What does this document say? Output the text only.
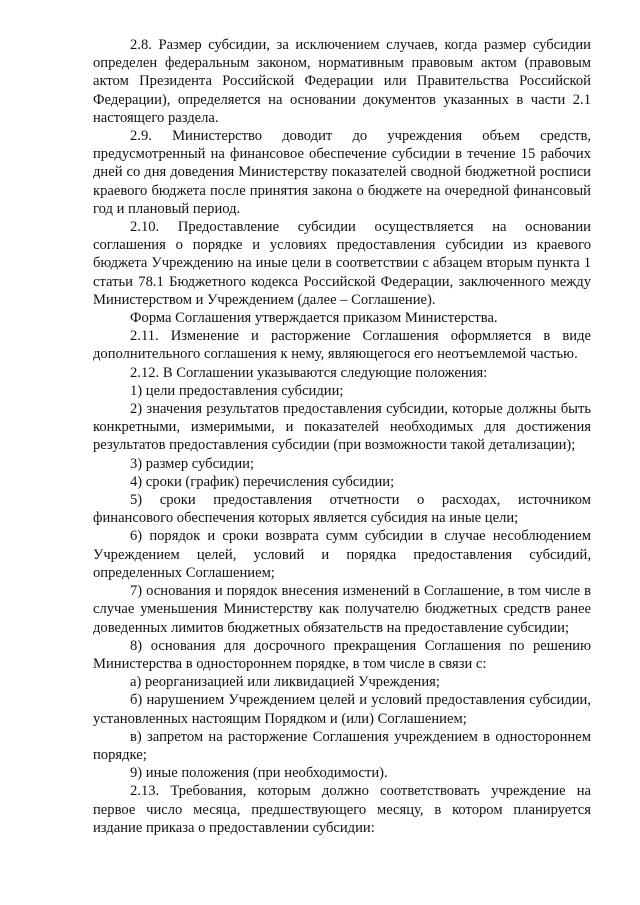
2.8. Размер субсидии, за исключением случаев, когда размер субсидии определен федеральным законом, нормативным правовым актом (правовым актом Президента Российской Федерации или Правительства Российской Федерации), определяется на основании документов указанных в части 2.1 настоящего раздела.

2.9. Министерство доводит до учреждения объем средств, предусмотренный на финансовое обеспечение субсидии в течение 15 рабочих дней со дня доведения Министерству показателей сводной бюджетной росписи краевого бюджета после принятия закона о бюджете на очередной финансовый год и плановый период.

2.10. Предоставление субсидии осуществляется на основании соглашения о порядке и условиях предоставления субсидии из краевого бюджета Учреждению на иные цели в соответствии с абзацем вторым пункта 1 статьи 78.1 Бюджетного кодекса Российской Федерации, заключенного между Министерством и Учреждением (далее – Соглашение).

Форма Соглашения утверждается приказом Министерства.

2.11. Изменение и расторжение Соглашения оформляется в виде дополнительного соглашения к нему, являющегося его неотъемлемой частью.

2.12. В Соглашении указываются следующие положения:

1) цели предоставления субсидии;

2) значения результатов предоставления субсидии, которые должны быть конкретными, измеримыми, и показателей необходимых для достижения результатов предоставления субсидии (при возможности такой детализации);

3) размер субсидии;

4) сроки (график) перечисления субсидии;

5) сроки предоставления отчетности о расходах, источником финансового обеспечения которых является субсидия на иные цели;

6) порядок и сроки возврата сумм субсидии в случае несоблюдением Учреждением целей, условий и порядка предоставления субсидий, определенных Соглашением;

7) основания и порядок внесения изменений в Соглашение, в том числе в случае уменьшения Министерству как получателю бюджетных средств ранее доведенных лимитов бюджетных обязательств на предоставление субсидии;

8) основания для досрочного прекращения Соглашения по решению Министерства в одностороннем порядке, в том числе в связи с:

а) реорганизацией или ликвидацией Учреждения;

б) нарушением Учреждением целей и условий предоставления субсидии, установленных настоящим Порядком и (или) Соглашением;

в) запретом на расторжение Соглашения учреждением в одностороннем порядке;

9) иные положения (при необходимости).

2.13. Требования, которым должно соответствовать учреждение на первое число месяца, предшествующего месяцу, в котором планируется издание приказа о предоставлении субсидии:
